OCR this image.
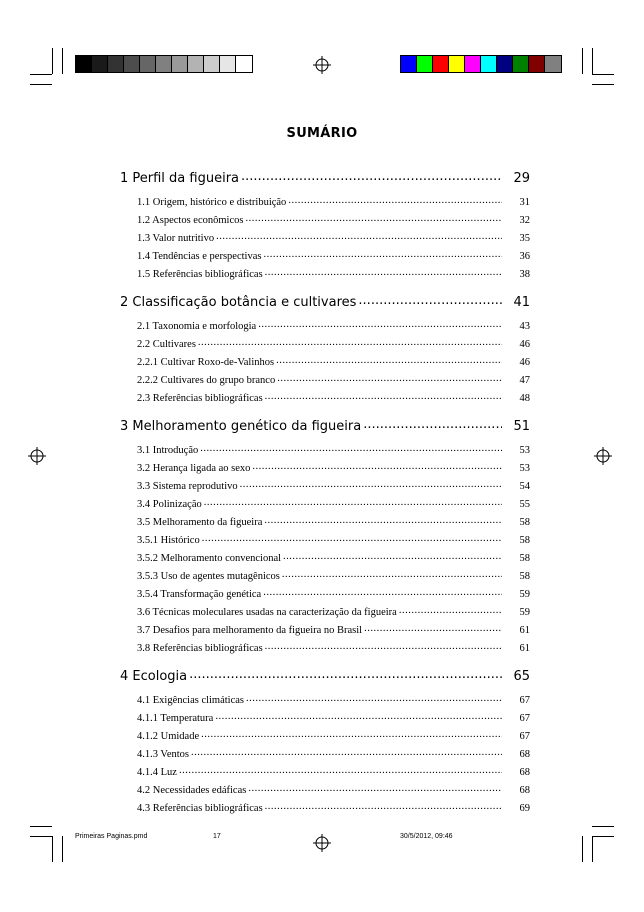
SUMÁRIO
1 Perfil da figueira .....	29
1.1 Origem, histórico e distribuição .....	31
1.2 Aspectos econômicos .....	32
1.3 Valor nutritivo .....	35
1.4 Tendências e perspectivas .....	36
1.5 Referências bibliográficas .....	38
2 Classificação botância e cultivares .....	41
2.1 Taxonomia e morfologia .....	43
2.2 Cultivares .....	46
2.2.1 Cultivar Roxo-de-Valinhos .....	46
2.2.2 Cultivares do grupo branco .....	47
2.3 Referências bibliográficas .....	48
3 Melhoramento genético da figueira .....	51
3.1 Introdução .....	53
3.2 Herança ligada ao sexo .....	53
3.3 Sistema reprodutivo .....	54
3.4 Polinização .....	55
3.5 Melhoramento da figueira .....	58
3.5.1 Histórico .....	58
3.5.2 Melhoramento convencional .....	58
3.5.3 Uso de agentes mutagênicos .....	58
3.5.4 Transformação genética .....	59
3.6 Técnicas moleculares usadas na caracterização da figueira .....	59
3.7 Desafios para melhoramento da figueira no Brasil .....	61
3.8 Referências bibliográficas .....	61
4 Ecologia .....	65
4.1 Exigências climáticas .....	67
4.1.1 Temperatura .....	67
4.1.2 Umidade .....	67
4.1.3 Ventos .....	68
4.1.4 Luz .....	68
4.2 Necessidades edáficas .....	68
4.3 Referências bibliográficas .....	69
Primeiras Paginas.pmd	17	30/5/2012, 09:46
